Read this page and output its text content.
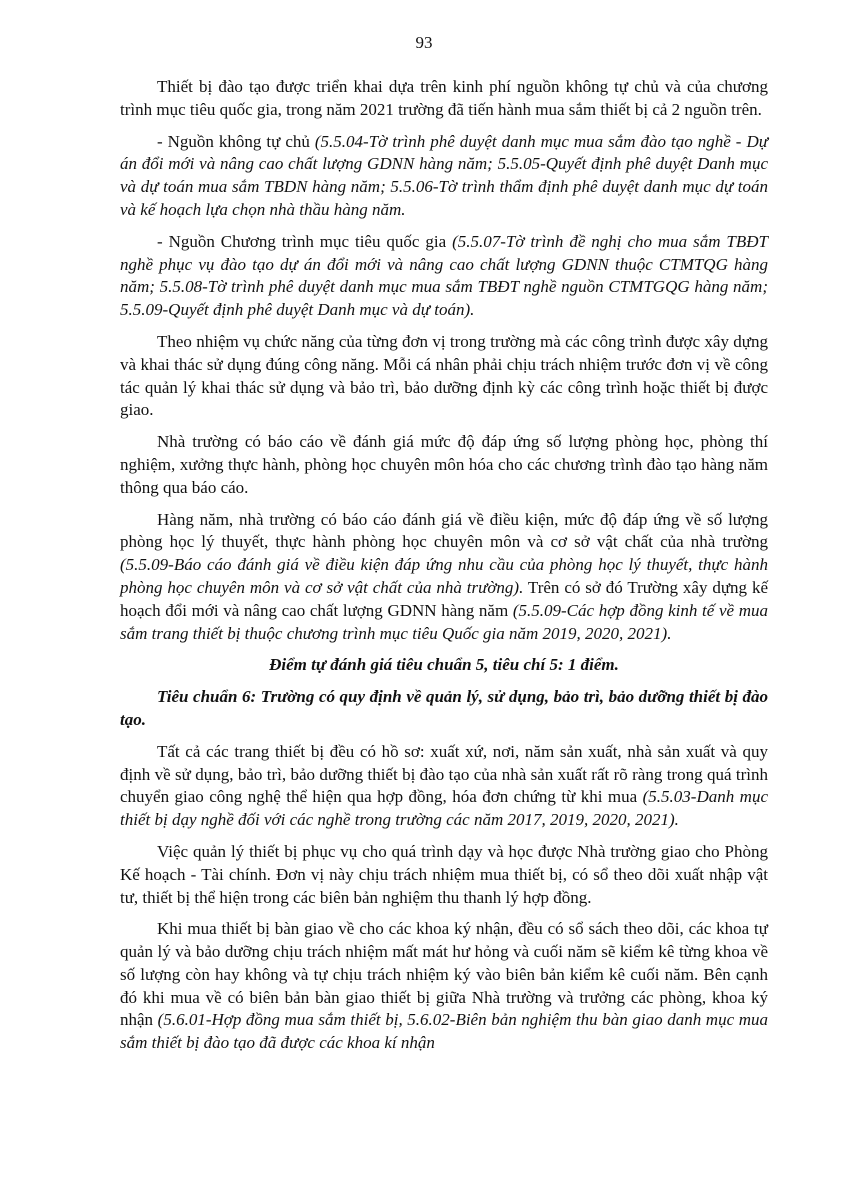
93

Thiết bị đào tạo được triển khai dựa trên kinh phí nguồn không tự chủ và của chương trình mục tiêu quốc gia, trong năm 2021 trường đã tiến hành mua sắm thiết bị cả 2 nguồn trên.

- Nguồn không tự chủ (5.5.04-Tờ trình phê duyệt danh mục mua sắm đào tạo nghề - Dự án đổi mới và nâng cao chất lượng GDNN hàng năm; 5.5.05-Quyết định phê duyệt Danh mục và dự toán mua sắm TBDN hàng năm; 5.5.06-Tờ trình thẩm định phê duyệt danh mục dự toán và kế hoạch lựa chọn nhà thầu hàng năm.

- Nguồn Chương trình mục tiêu quốc gia (5.5.07-Tờ trình đề nghị cho mua sắm TBĐT nghề phục vụ đào tạo dự án đổi mới và nâng cao chất lượng GDNN thuộc CTMTQG hàng năm; 5.5.08-Tờ trình phê duyệt danh mục mua sắm TBĐT nghề nguồn CTMTGQG hàng năm; 5.5.09-Quyết định phê duyệt Danh mục và dự toán).

Theo nhiệm vụ chức năng của từng đơn vị trong trường mà các công trình được xây dựng và khai thác sử dụng đúng công năng. Mỗi cá nhân phải chịu trách nhiệm trước đơn vị về công tác quản lý khai thác sử dụng và bảo trì, bảo dưỡng định kỳ các công trình hoặc thiết bị được giao.

Nhà trường có báo cáo về đánh giá mức độ đáp ứng số lượng phòng học, phòng thí nghiệm, xưởng thực hành, phòng học chuyên môn hóa cho các chương trình đào tạo hàng năm thông qua báo cáo.

Hàng năm, nhà trường có báo cáo đánh giá về điều kiện, mức độ đáp ứng về số lượng phòng học lý thuyết, thực hành phòng học chuyên môn và cơ sở vật chất của nhà trường (5.5.09-Báo cáo đánh giá về điều kiện đáp ứng nhu cầu của phòng học lý thuyết, thực hành phòng học chuyên môn và cơ sở vật chất của nhà trường). Trên có sở đó Trường xây dựng kế hoạch đổi mới và nâng cao chất lượng GDNN hàng năm (5.5.09-Các hợp đồng kinh tế về mua sắm trang thiết bị thuộc chương trình mục tiêu Quốc gia năm 2019, 2020, 2021).

Điểm tự đánh giá tiêu chuẩn 5, tiêu chí 5: 1 điểm.

Tiêu chuẩn 6: Trường có quy định về quản lý, sử dụng, bảo trì, bảo dưỡng thiết bị đào tạo.

Tất cả các trang thiết bị đều có hồ sơ: xuất xứ, nơi, năm sản xuất, nhà sản xuất và quy định về sử dụng, bảo trì, bảo dưỡng thiết bị đào tạo của nhà sản xuất rất rõ ràng trong quá trình chuyển giao công nghệ thể hiện qua hợp đồng, hóa đơn chứng từ khi mua (5.5.03-Danh mục thiết bị dạy nghề đối với các nghề trong trường các năm 2017, 2019, 2020, 2021).

Việc quản lý thiết bị phục vụ cho quá trình dạy và học được Nhà trường giao cho Phòng Kế hoạch - Tài chính. Đơn vị này chịu trách nhiệm mua thiết bị, có sổ theo dõi xuất nhập vật tư, thiết bị thể hiện trong các biên bản nghiệm thu thanh lý hợp đồng.

Khi mua thiết bị bàn giao về cho các khoa ký nhận, đều có sổ sách theo dõi, các khoa tự quản lý và bảo dưỡng chịu trách nhiệm mất mát hư hỏng và cuối năm sẽ kiểm kê từng khoa về số lượng còn hay không và tự chịu trách nhiệm ký vào biên bản kiểm kê cuối năm. Bên cạnh đó khi mua về có biên bản bàn giao thiết bị giữa Nhà trường và trưởng các phòng, khoa ký nhận (5.6.01-Hợp đồng mua sắm thiết bị, 5.6.02-Biên bản nghiệm thu bàn giao danh mục mua sắm thiết bị đào tạo đã được các khoa kí nhận
